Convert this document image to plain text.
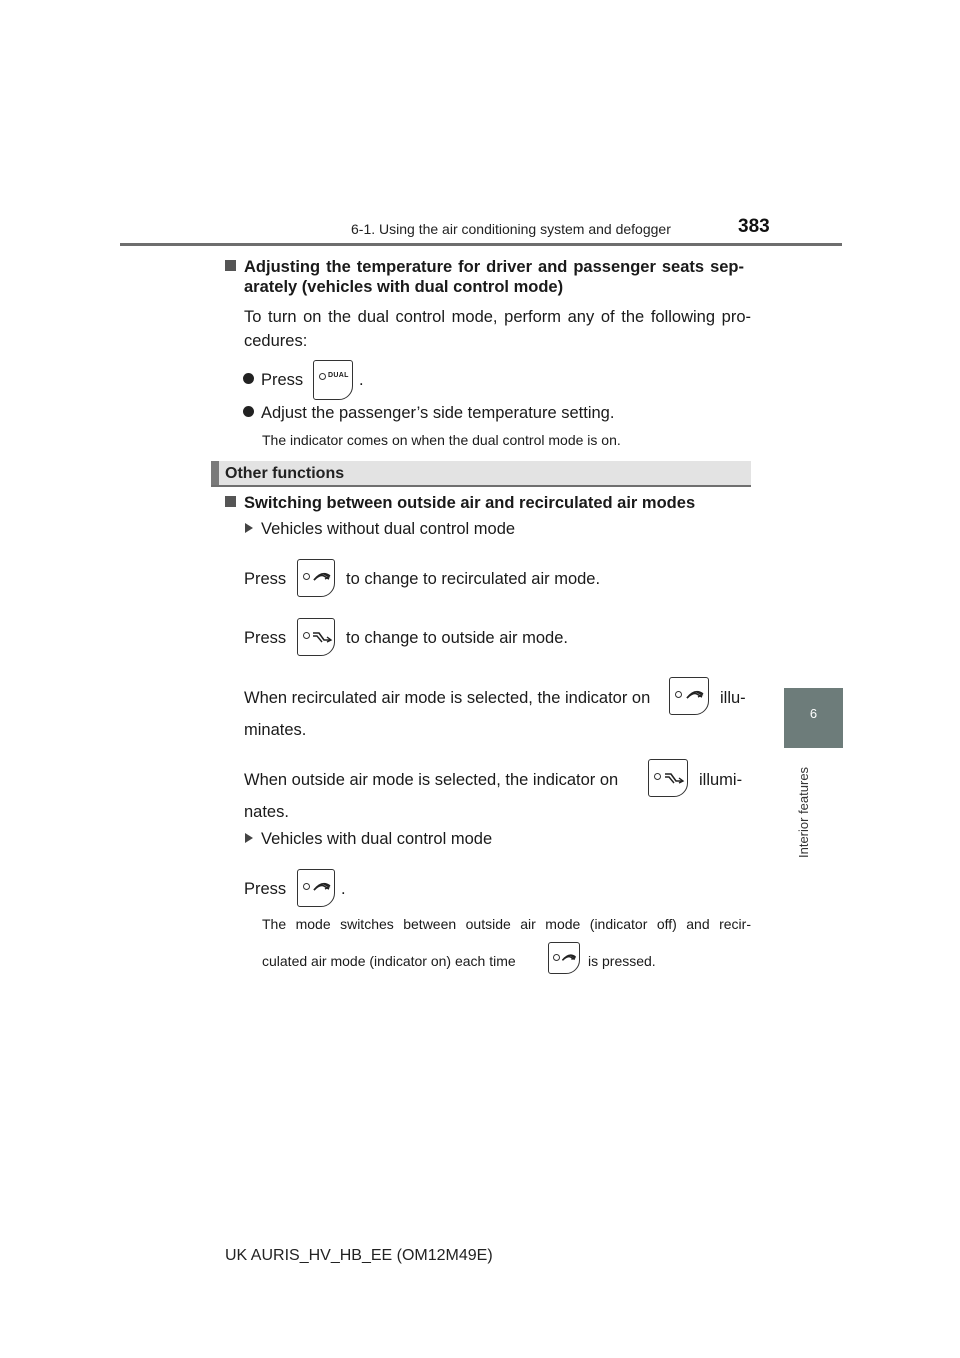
6-1. Using the air conditioning system and defogger	383
6
Interior features
Adjusting the temperature for driver and passenger seats sep-
arately (vehicles with dual control mode)
To turn on the dual control mode, perform any of the following pro-
cedures:
Press	DUAL .
Adjust the passenger’s side temperature setting.
The indicator comes on when the dual control mode is on.
Other functions
Switching between outside air and recirculated air modes
Vehicles without dual control mode
Press	to change to recirculated air mode.
Press	to change to outside air mode.
When recirculated air mode is selected, the indicator on	illu-
minates.
When outside air mode is selected, the indicator on	illumi-
nates.
Vehicles with dual control mode
Press	.
The mode switches between outside air mode (indicator off) and recir-
culated air mode (indicator on) each time	is pressed.
UK AURIS_HV_HB_EE (OM12M49E)
